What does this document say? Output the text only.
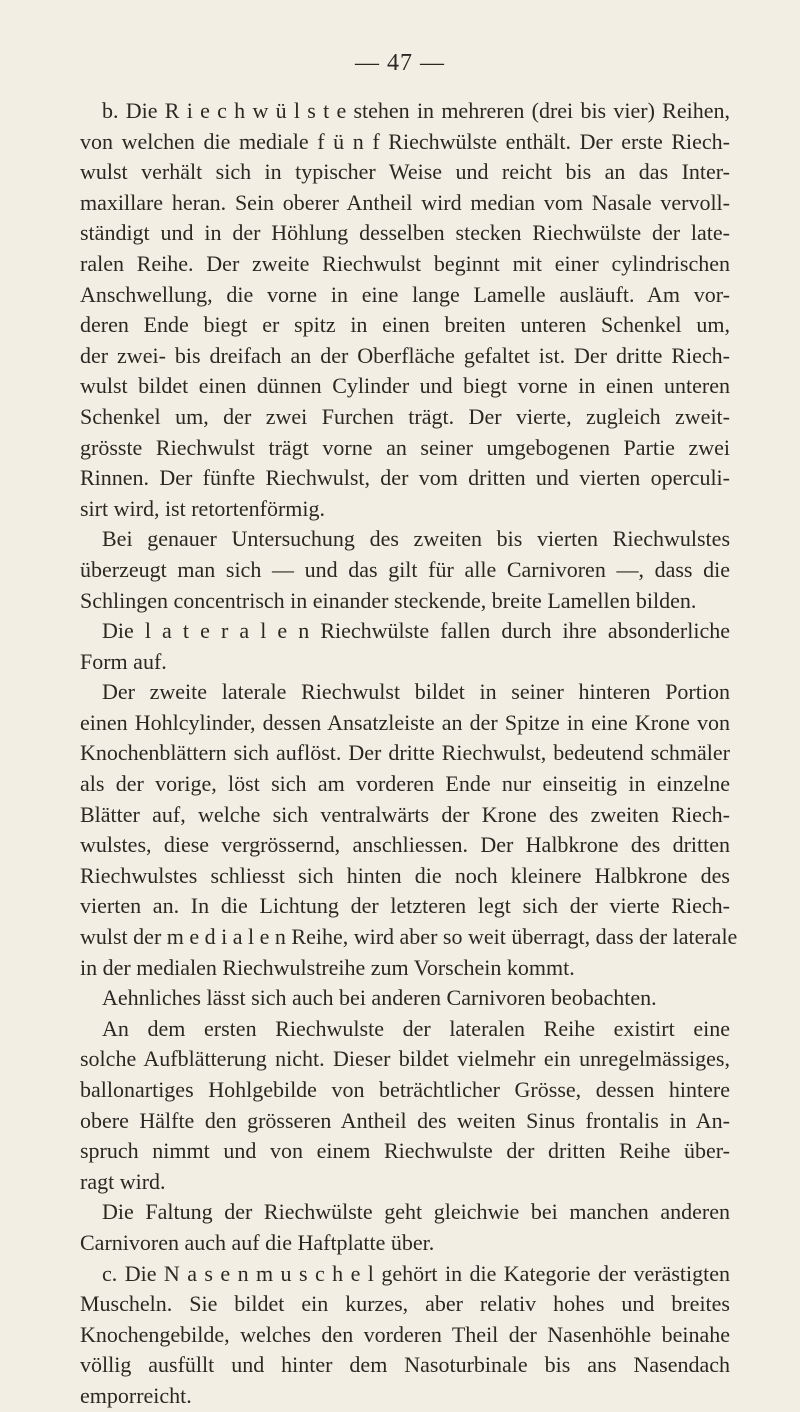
— 47 —
b. Die R i e c h w ü l s t e stehen in mehreren (drei bis vier) Reihen,
von welchen die mediale f ü n f Riechwülste enthält. Der erste Riech-
wulst verhält sich in typischer Weise und reicht bis an das Inter-
maxillare heran. Sein oberer Antheil wird median vom Nasale vervoll-
ständigt und in der Höhlung desselben stecken Riechwülste der late-
ralen Reihe. Der zweite Riechwulst beginnt mit einer cylindrischen
Anschwellung, die vorne in eine lange Lamelle ausläuft. Am vor-
deren Ende biegt er spitz in einen breiten unteren Schenkel um,
der zwei- bis dreifach an der Oberfläche gefaltet ist. Der dritte Riech-
wulst bildet einen dünnen Cylinder und biegt vorne in einen unteren
Schenkel um, der zwei Furchen trägt. Der vierte, zugleich zweit-
grösste Riechwulst trägt vorne an seiner umgebogenen Partie zwei
Rinnen. Der fünfte Riechwulst, der vom dritten und vierten operculi-
sirt wird, ist retortenförmig.
Bei genauer Untersuchung des zweiten bis vierten Riechwulstes
überzeugt man sich — und das gilt für alle Carnivoren —, dass die
Schlingen concentrisch in einander steckende, breite Lamellen bilden.
Die l a t e r a l e n Riechwülste fallen durch ihre absonderliche
Form auf.
Der zweite laterale Riechwulst bildet in seiner hinteren Portion
einen Hohlcylinder, dessen Ansatzleiste an der Spitze in eine Krone von
Knochenblättern sich auflöst. Der dritte Riechwulst, bedeutend schmäler
als der vorige, löst sich am vorderen Ende nur einseitig in einzelne
Blätter auf, welche sich ventralwärts der Krone des zweiten Riech-
wulstes, diese vergrössernd, anschliessen. Der Halbkrone des dritten
Riechwulstes schliesst sich hinten die noch kleinere Halbkrone des
vierten an. In die Lichtung der letzteren legt sich der vierte Riech-
wulst der m e d i a l e n Reihe, wird aber so weit überragt, dass der laterale
in der medialen Riechwulstreihe zum Vorschein kommt.
Aehnliches lässt sich auch bei anderen Carnivoren beobachten.
An dem ersten Riechwulste der lateralen Reihe existirt eine
solche Aufblätterung nicht. Dieser bildet vielmehr ein unregelmässiges,
ballonartiges Hohlgebilde von beträchtlicher Grösse, dessen hintere
obere Hälfte den grösseren Antheil des weiten Sinus frontalis in An-
spruch nimmt und von einem Riechwulste der dritten Reihe über-
ragt wird.
Die Faltung der Riechwülste geht gleichwie bei manchen anderen
Carnivoren auch auf die Haftplatte über.
c. Die N a s e n m u s c h e l gehört in die Kategorie der verästigten
Muscheln. Sie bildet ein kurzes, aber relativ hohes und breites
Knochengebilde, welches den vorderen Theil der Nasenhöhle beinahe
völlig ausfüllt und hinter dem Nasoturbinale bis ans Nasendach
emporreicht.
